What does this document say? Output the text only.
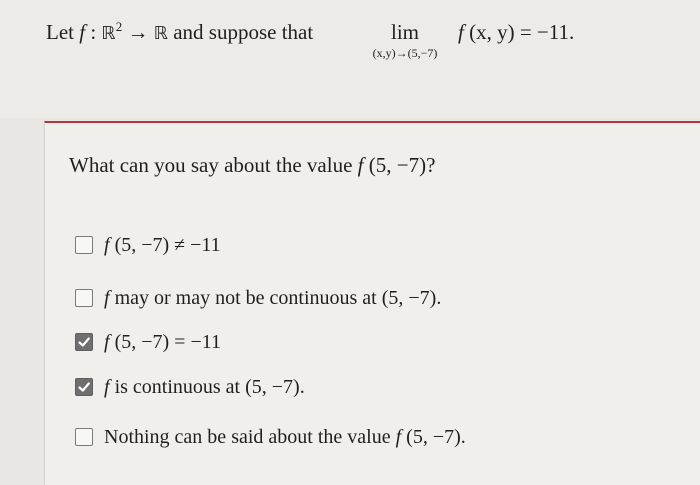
Let f : ℝ$^2$ → ℝ and suppose that	lim
(x,y)→(5,−7)
f (x, y) = −11.
What can you say about the value f (5, −7)?
f (5, −7) ≠ −11
f may or may not be continuous at (5, −7).
f (5, −7) = −11
f is continuous at (5, −7).
Nothing can be said about the value f (5, −7).
